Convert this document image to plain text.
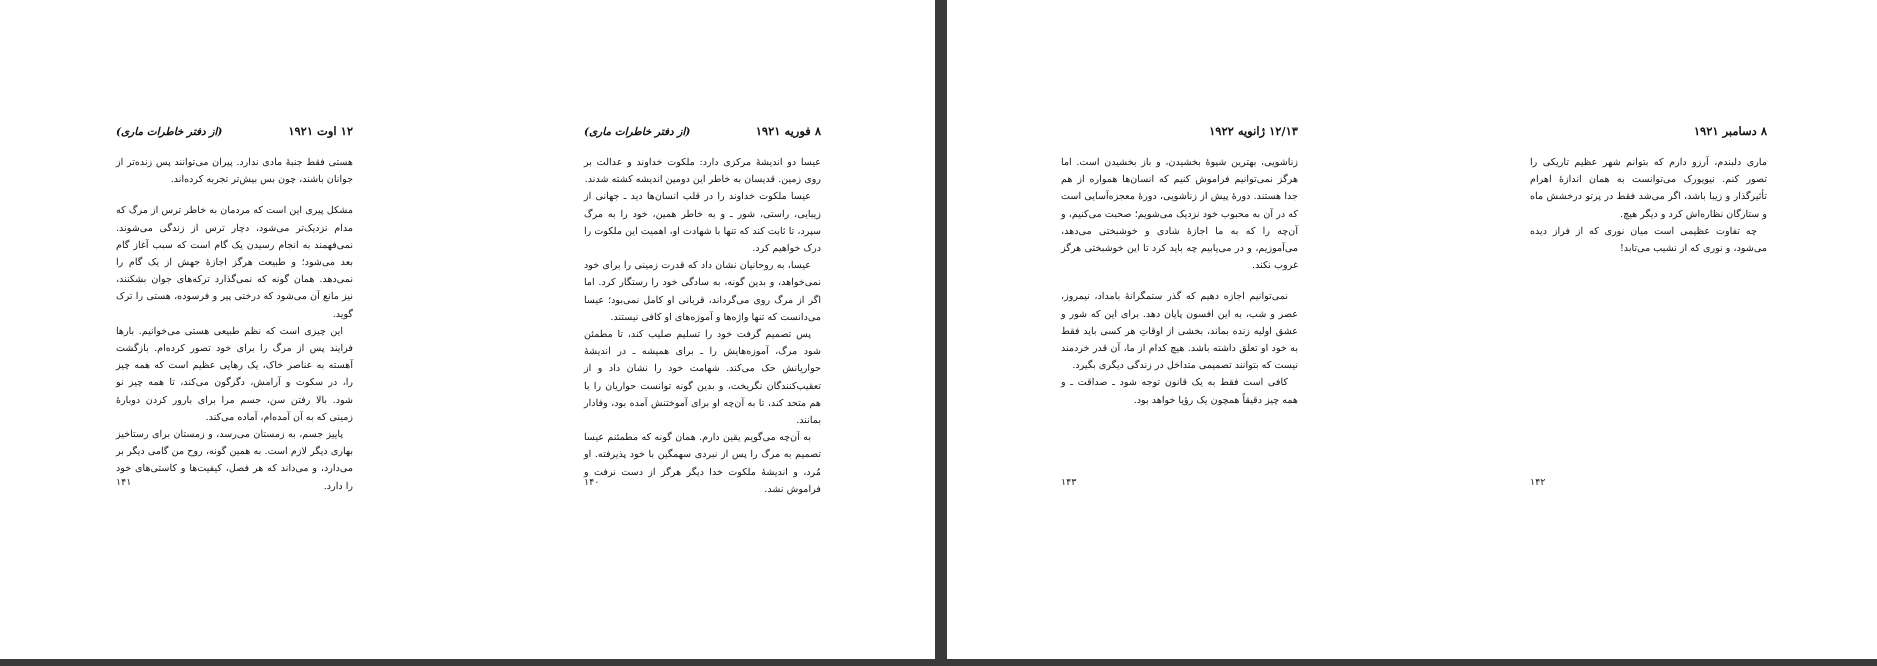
۱۲ اوت ۱۹۲۱
(از دفتر خاطرات ماری)

هستی فقط جنبهٔ مادی ندارد. پیران می‌توانند پس زنده‌تر از جوانان باشند، چون بس بیش‌تر تجربه کرده‌اند.

مشکل پیری این است که مردمان به خاطر ترس از مرگ که مدام نزدیک‌تر می‌شود، دچار ترس از زندگی می‌شوند. نمی‌فهمند به انجام رسیدن یک گام است که سبب آغاز گام بعد می‌شود؛ و طبیعت هرگز اجازهٔ جهش از یک گام را نمی‌دهد. همان گونه که نمی‌گذارد ترکه‌های جوان بشکنند، نیز مانع آن می‌شود که درختی پیر و فرسوده، هستی را ترک گوید.

این چیزی است که نظم طبیعی هستی می‌خوانیم. بارها فرایند پس از مرگ را برای خود تصور کرده‌ام. بازگشت آهسته به عناصر خاک، یک رهایی عظیم است که همه چیز را، در سکوت و آرامش، دگرگون می‌کند، تا همه چیز نو شود. بالا رفتن سن، جسم مرا برای بارور کردن دوبارهٔ زمینی که به آن آمده‌ام، آماده می‌کند.

پاییز جسم، به زمستان می‌رسد، و زمستان برای رستاخیز بهاری دیگر لازم است. به همین گونه، روح من گامی دیگر بر می‌دارد، و می‌داند که هر فصل، کیفیت‌ها و کاستی‌های خود را دارد.

۱۴۱
۸ فوریه ۱۹۲۱
(از دفتر خاطرات ماری)

عیسا دو اندیشهٔ مرکزی دارد: ملکوت خداوند و عدالت بر روی زمین. قدیسان به خاطر این دومین اندیشه کشته شدند.

عیسا ملکوت خداوند را در قلب انسان‌ها دید ـ جهانی از زیبایی، راستی، شور ـ و به خاطر همین، خود را به مرگ سپرد، تا ثابت کند که تنها با شهادت او، اهمیت این ملکوت را درک خواهیم کرد.

عیسا، به روحانیان نشان داد که قدرت زمینی را برای خود نمی‌خواهد، و بدین گونه، به سادگی خود را رستگار کرد. اما اگر از مرگ روی می‌گرداند، قربانی او کامل نمی‌بود؛ عیسا می‌دانست که تنها واژه‌ها و آموزه‌های او کافی نیستند.

پس تصمیم گرفت خود را تسلیم صلیب کند، تا مطمئن شود مرگ، آموزه‌هایش را ـ برای همیشه ـ در اندیشهٔ حواریانش حک می‌کند. شهامت خود را نشان داد و از تعقیب‌کنندگان نگریخت، و بدین گونه توانست حواریان را با هم متحد کند، تا به آن‌چه او برای آموختنش آمده بود، وفادار بمانند.

به آن‌چه می‌گویم یقین دارم. همان گونه که مطمئنم عیسا تصمیم به مرگ را پس از نبردی سهمگین با خود پذیرفته. او مُرد، و اندیشهٔ ملکوت خدا دیگر هرگز از دست نرفت و فراموش نشد.

۱۴۰
۱۲/۱۳ ژانویه ۱۹۲۲

زناشویی، بهترین شیوهٔ بخشیدن، و باز بخشیدن است. اما هرگز نمی‌توانیم فراموش کنیم که انسان‌ها همواره از هم جدا هستند. دورهٔ پیش از زناشویی، دورهٔ معجزه‌آسایی است که در آن به محبوب خود نزدیک می‌شویم؛ صحبت می‌کنیم، و آن‌چه را که به ما اجازهٔ شادی و خوشبختی می‌دهد، می‌آموزیم، و در می‌یابیم چه باید کرد تا این خوشبختی هرگز غروب نکند.

نمی‌توانیم اجازه دهیم که گذر ستمگرانهٔ بامداد، نیمروز، عصر و شب، به این افسون پایان دهد. برای این که شور و عشق اولیه زنده بماند، بخشی از اوقاتِ هر کسی باید فقط به خود او تعلق داشته باشد. هیچ کدام از ما، آن قدر خردمند نیست که بتوانند تصمیمی متداخل در زندگی دیگری بگیرد.

کافی است فقط به یک قانون توجه شود ـ صداقت ـ و همه چیز دقیقاً همچون یک رؤیا خواهد بود.

۱۴۳
۸ دسامبر ۱۹۲۱

ماری دلبندم، آرزو دارم که بتوانم شهر عظیم تاریکی را تصور کنم. نیویورک می‌توانست به همان اندازهٔ اهرام تأثیرگذار و زیبا باشد، اگر می‌شد فقط در پرتو درخشش ماه و ستارگان نظاره‌اش کرد و دیگر هیچ.

چه تفاوت عظیمی است میان نوری که از فراز دیده می‌شود، و نوری که از نشیب می‌تابد!

۱۴۲
